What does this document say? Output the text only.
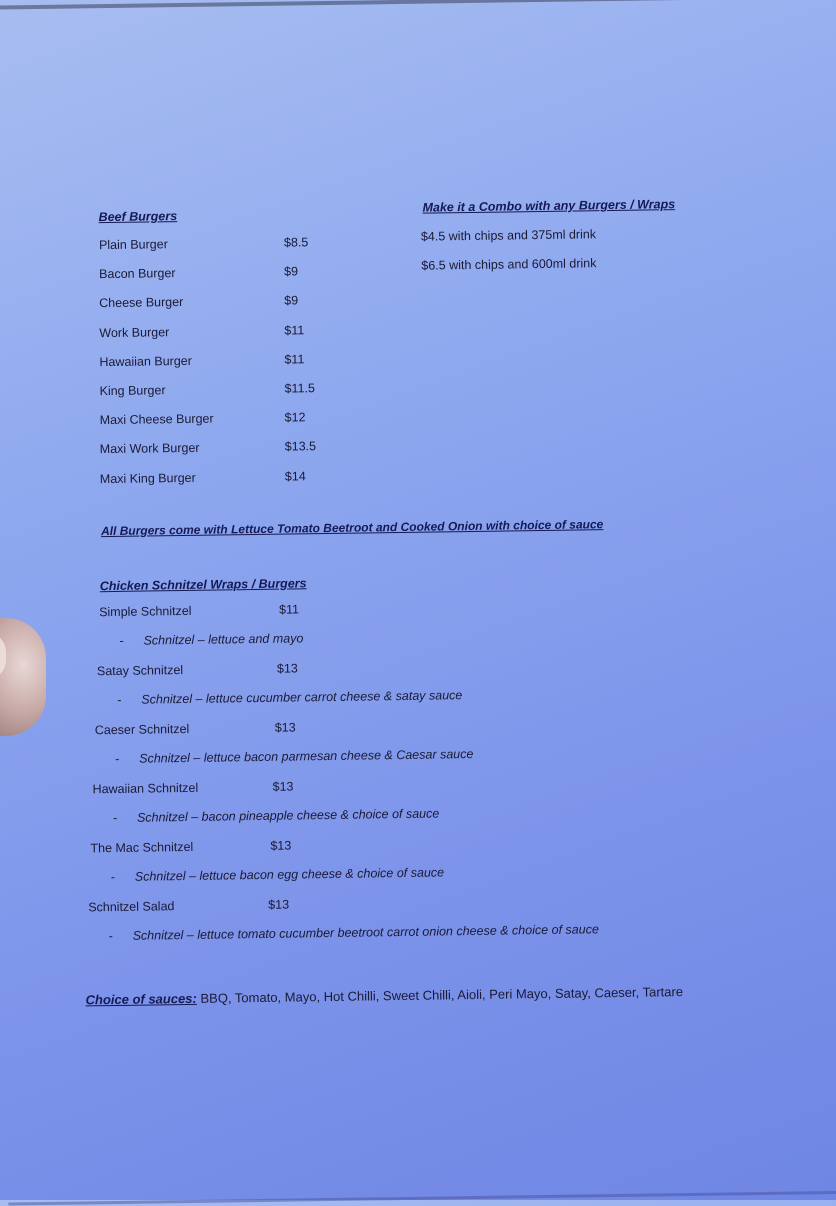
Beef Burgers
Plain Burger	$8.5
Bacon Burger	$9
Cheese Burger	$9
Work Burger	$11
Hawaiian Burger	$11
King Burger	$11.5
Maxi Cheese Burger	$12
Maxi Work Burger	$13.5
Maxi King Burger	$14
Make it a Combo with any Burgers / Wraps
$4.5 with chips and 375ml drink
$6.5 with chips and 600ml drink
All Burgers come with Lettuce Tomato Beetroot and Cooked Onion with choice of sauce
Chicken Schnitzel Wraps / Burgers
Simple Schnitzel	$11
- Schnitzel – lettuce and mayo
Satay Schnitzel	$13
- Schnitzel – lettuce cucumber carrot cheese & satay sauce
Caeser Schnitzel	$13
- Schnitzel – lettuce bacon parmesan cheese & Caesar sauce
Hawaiian Schnitzel	$13
- Schnitzel – bacon pineapple cheese & choice of sauce
The Mac Schnitzel	$13
- Schnitzel – lettuce bacon egg cheese & choice of sauce
Schnitzel Salad	$13
- Schnitzel – lettuce tomato cucumber beetroot carrot onion cheese & choice of sauce
Choice of sauces: BBQ, Tomato, Mayo, Hot Chilli, Sweet Chilli, Aioli, Peri Mayo, Satay, Caeser, Tartare
